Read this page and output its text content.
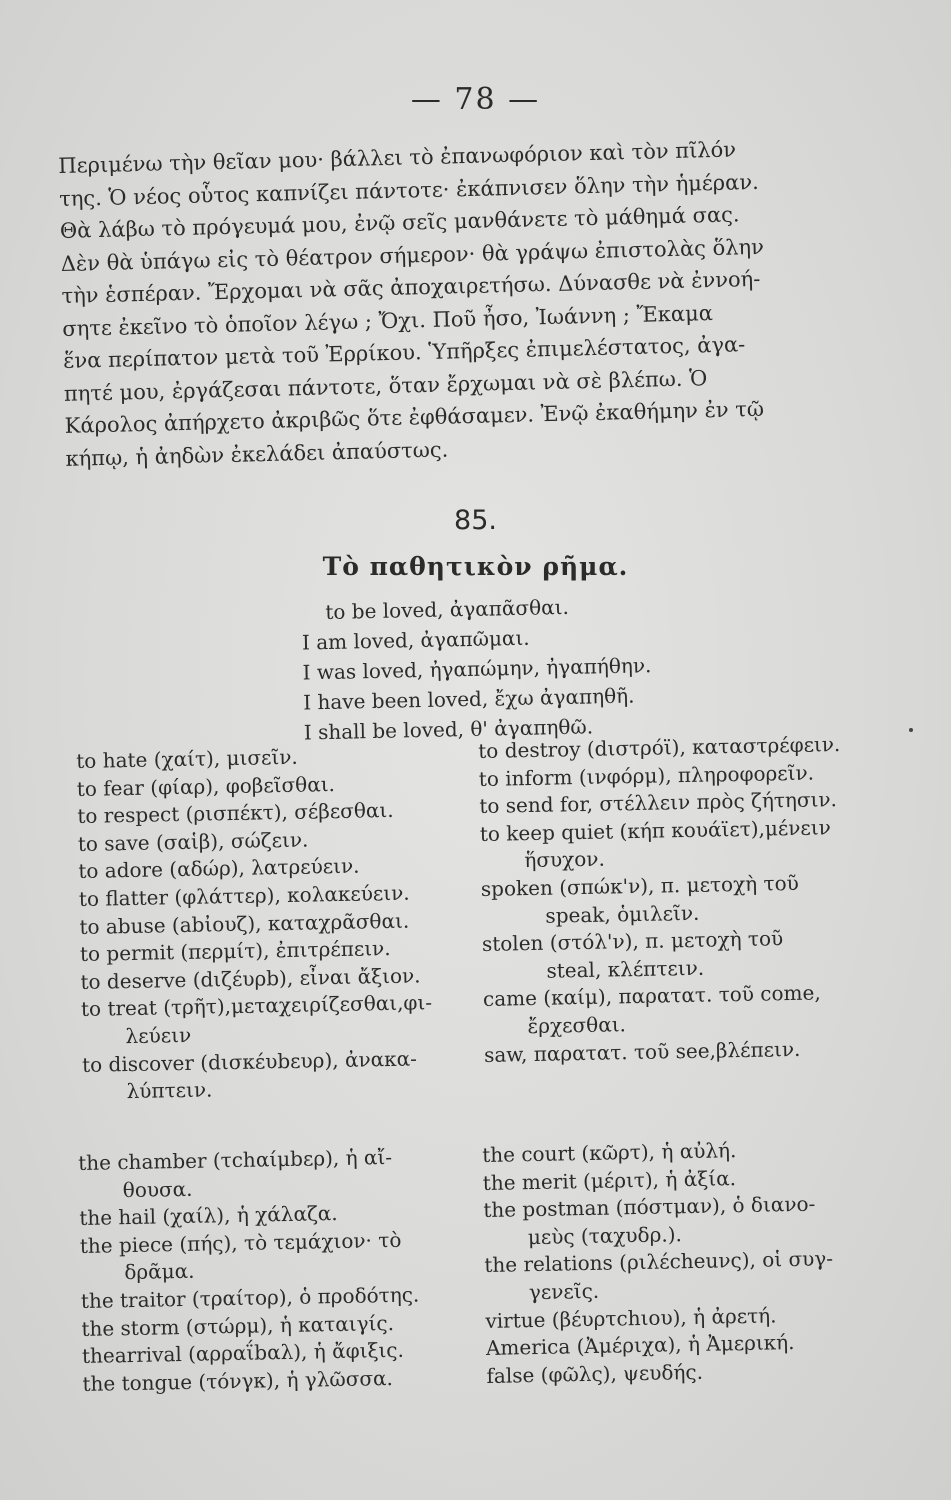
— 78 —
Περιμένω τὴν θεῖαν μου· βάλλει τὸ ἐπανωφόριον καὶ τὸν πῖλόν
της. Ὁ νέος οὗτος καπνίζει πάντοτε· ἐκάπνισεν ὅλην τὴν ἡμέραν.
Θὰ λάβω τὸ πρόγευμά μου, ἐνῷ σεῖς μανθάνετε τὸ μάθημά σας.
Δὲν θὰ ὑπάγω εἰς τὸ θέατρον σήμερον· θὰ γράψω ἐπιστολὰς ὅλην
τὴν ἑσπέραν. Ἔρχομαι νὰ σᾶς ἀποχαιρετήσω. Δύνασθε νὰ ἐννοή-
σητε ἐκεῖνο τὸ ὁποῖον λέγω ; Ὄχι. Ποῦ ἦσο, Ἰωάννη ; Ἔκαμα
ἕνα περίπατον μετὰ τοῦ Ἐρρίκου. Ὑπῆρξες ἐπιμελέστατος, ἀγα-
πητέ μου, ἐργάζεσαι πάντοτε, ὅταν ἔρχωμαι νὰ σὲ βλέπω. Ὁ
Κάρολος ἀπήρχετο ἀκριβῶς ὅτε ἐφθάσαμεν. Ἐνῷ ἐκαθήμην ἐν τῷ
κήπῳ, ἡ ἀηδὼν ἐκελάδει ἀπαύστως.
85.
Τὸ παθητικὸν ρῆμα.
to be loved, ἀγαπᾶσθαι.
I am loved, ἀγαπῶμαι.
I was loved, ἠγαπώμην, ἠγαπήθην.
I have been loved, ἔχω ἀγαπηθῆ.
I shall be loved, θ' ἀγαπηθῶ.
to hate (χαίτ), μισεῖν.
to fear (φίαρ), φοβεῖσθαι.
to respect (ρισπέκτ), σέβεσθαι.
to save (σαἱβ), σώζειν.
to adore (αδώρ), λατρεύειν.
to flatter (φλάττερ), κολακεύειν.
to abuse (abἰουζ), καταχρᾶσθαι.
to permit (περμίτ), ἐπιτρέπειν.
to deserve (dιζέυρb), εἶναι ἄξιον.
to treat (τρῆτ),μεταχειρίζεσθαι,φι-
λεύειν
to discover (dισκέυbευρ), ἀνακα-
λύπτειν.
to destroy (dιστρόϊ), καταστρέφειν.
to inform (ινφόρμ), πληροφορεῖν.
to send for, στέλλειν πρὸς ζήτησιν.
to keep quiet (κήπ κουάϊετ),μένειν
ἥσυχον.
spoken (σπώκ'ν), π. μετοχὴ τοῦ
speak, ὁμιλεῖν.
stolen (στόλ'ν), π. μετοχὴ τοῦ
steal, κλέπτειν.
came (καίμ), παρατατ. τοῦ come,
ἔρχεσθαι.
saw, παρατατ. τοῦ see,βλέπειν.
the chamber (τchαίμbερ), ἡ αἴ-
θουσα.
the hail (χαίλ), ἡ χάλαζα.
the piece (πής), τὸ τεμάχιον· τὸ
δρᾶμα.
the traitor (τραίτορ), ὁ προδότης.
the storm (στώρμ), ἡ καταιγίς.
thearrival (αρραΐbαλ), ἡ ἄφιξις.
the tongue (τόνγκ), ἡ γλῶσσα.
the court (κῶρτ), ἡ αὐλή.
the merit (μέριτ), ἡ ἀξία.
the postman (πόστμαν), ὁ διανο-
μεὺς (ταχυδρ.).
the relations (ριλέcheuνς), οἱ συγ-
γενεῖς.
virtue (βέυρτchιου), ἡ ἀρετή.
America (Ἀμέριχα), ἡ Ἀμερική.
false (φῶλς), ψευδής.
